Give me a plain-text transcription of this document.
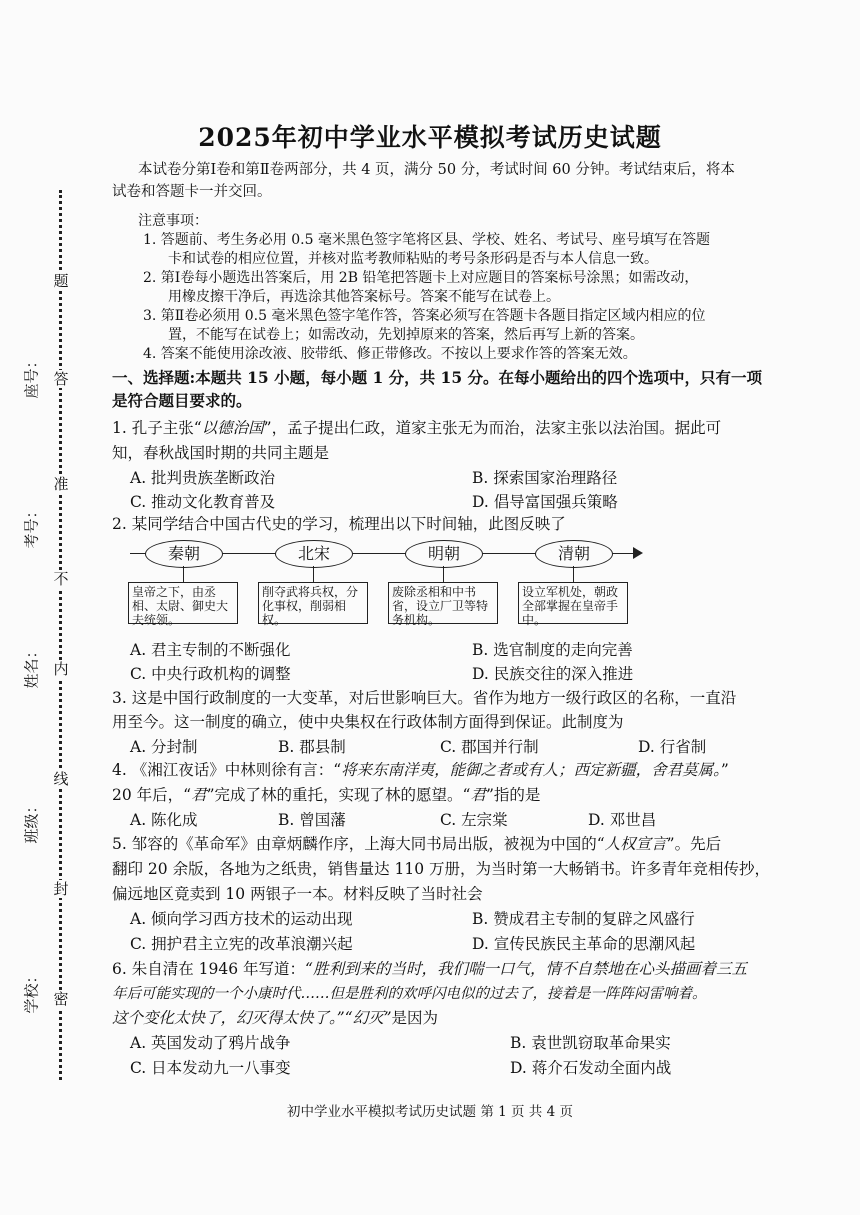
密
封
线
内
不
准
答
题
学校：
班级：
姓名：
考号：
座号：
2025年初中学业水平模拟考试历史试题
本试卷分第Ⅰ卷和第Ⅱ卷两部分，共 4 页，满分 50 分，考试时间 60 分钟。考试结束后，将本
试卷和答题卡一并交回。
注意事项：
1. 答题前、考生务必用 0.5 毫米黑色签字笔将区县、学校、姓名、考试号、座号填写在答题
卡和试卷的相应位置，并核对监考教师粘贴的考号条形码是否与本人信息一致。
2. 第Ⅰ卷每小题选出答案后，用 2B 铅笔把答题卡上对应题目的答案标号涂黑；如需改动，
用橡皮擦干净后，再选涂其他答案标号。答案不能写在试卷上。
3. 第Ⅱ卷必须用 0.5 毫米黑色签字笔作答，答案必须写在答题卡各题目指定区域内相应的位
置，不能写在试卷上；如需改动，先划掉原来的答案，然后再写上新的答案。
4. 答案不能使用涂改液、胶带纸、修正带修改。不按以上要求作答的答案无效。
一、选择题:本题共 15 小题，每小题 1 分，共 15 分。在每小题给出的四个选项中，只有一项
是符合题目要求的。
1. 孔子主张“以德治国”，孟子提出仁政，道家主张无为而治，法家主张以法治国。据此可
知，春秋战国时期的共同主题是
A. 批判贵族垄断政治	B. 探索国家治理路径
C. 推动文化教育普及	D. 倡导富国强兵策略
2. 某同学结合中国古代史的学习，梳理出以下时间轴，此图反映了
秦朝
皇帝之下，由丞相、太尉、御史大夫统领。
北宋
削夺武将兵权，分化事权，削弱相权。
明朝
废除丞相和中书省，设立厂卫等特务机构。
清朝
设立军机处，朝政全部掌握在皇帝手中。
A. 君主专制的不断强化	B. 选官制度的走向完善
C. 中央行政机构的调整	D. 民族交往的深入推进
3. 这是中国行政制度的一大变革，对后世影响巨大。省作为地方一级行政区的名称，一直沿
用至今。这一制度的确立，使中央集权在行政体制方面得到保证。此制度为
A. 分封制	B. 郡县制	C. 郡国并行制	D. 行省制
4. 《湘江夜话》中林则徐有言：“将来东南洋夷，能御之者或有人；西定新疆，舍君莫属。”
20 年后，“君”完成了林的重托，实现了林的愿望。“君”指的是
A. 陈化成	B. 曾国藩	C. 左宗棠	D. 邓世昌
5. 邹容的《革命军》由章炳麟作序，上海大同书局出版，被视为中国的“人权宣言”。先后
翻印 20 余版，各地为之纸贵，销售量达 110 万册，为当时第一大畅销书。许多青年竞相传抄，
偏远地区竟卖到 10 两银子一本。材料反映了当时社会
A. 倾向学习西方技术的运动出现	B. 赞成君主专制的复辟之风盛行
C. 拥护君主立宪的改革浪潮兴起	D. 宣传民族民主革命的思潮风起
6. 朱自清在 1946 年写道：“胜利到来的当时，我们喘一口气，情不自禁地在心头描画着三五
年后可能实现的一个小康时代……但是胜利的欢呼闪电似的过去了，接着是一阵阵闷雷响着。
这个变化太快了，幻灭得太快了。”“幻灭”是因为
A. 英国发动了鸦片战争	B. 袁世凯窃取革命果实
C. 日本发动九一八事变	D. 蒋介石发动全面内战
初中学业水平模拟考试历史试题 第 1 页 共 4 页
